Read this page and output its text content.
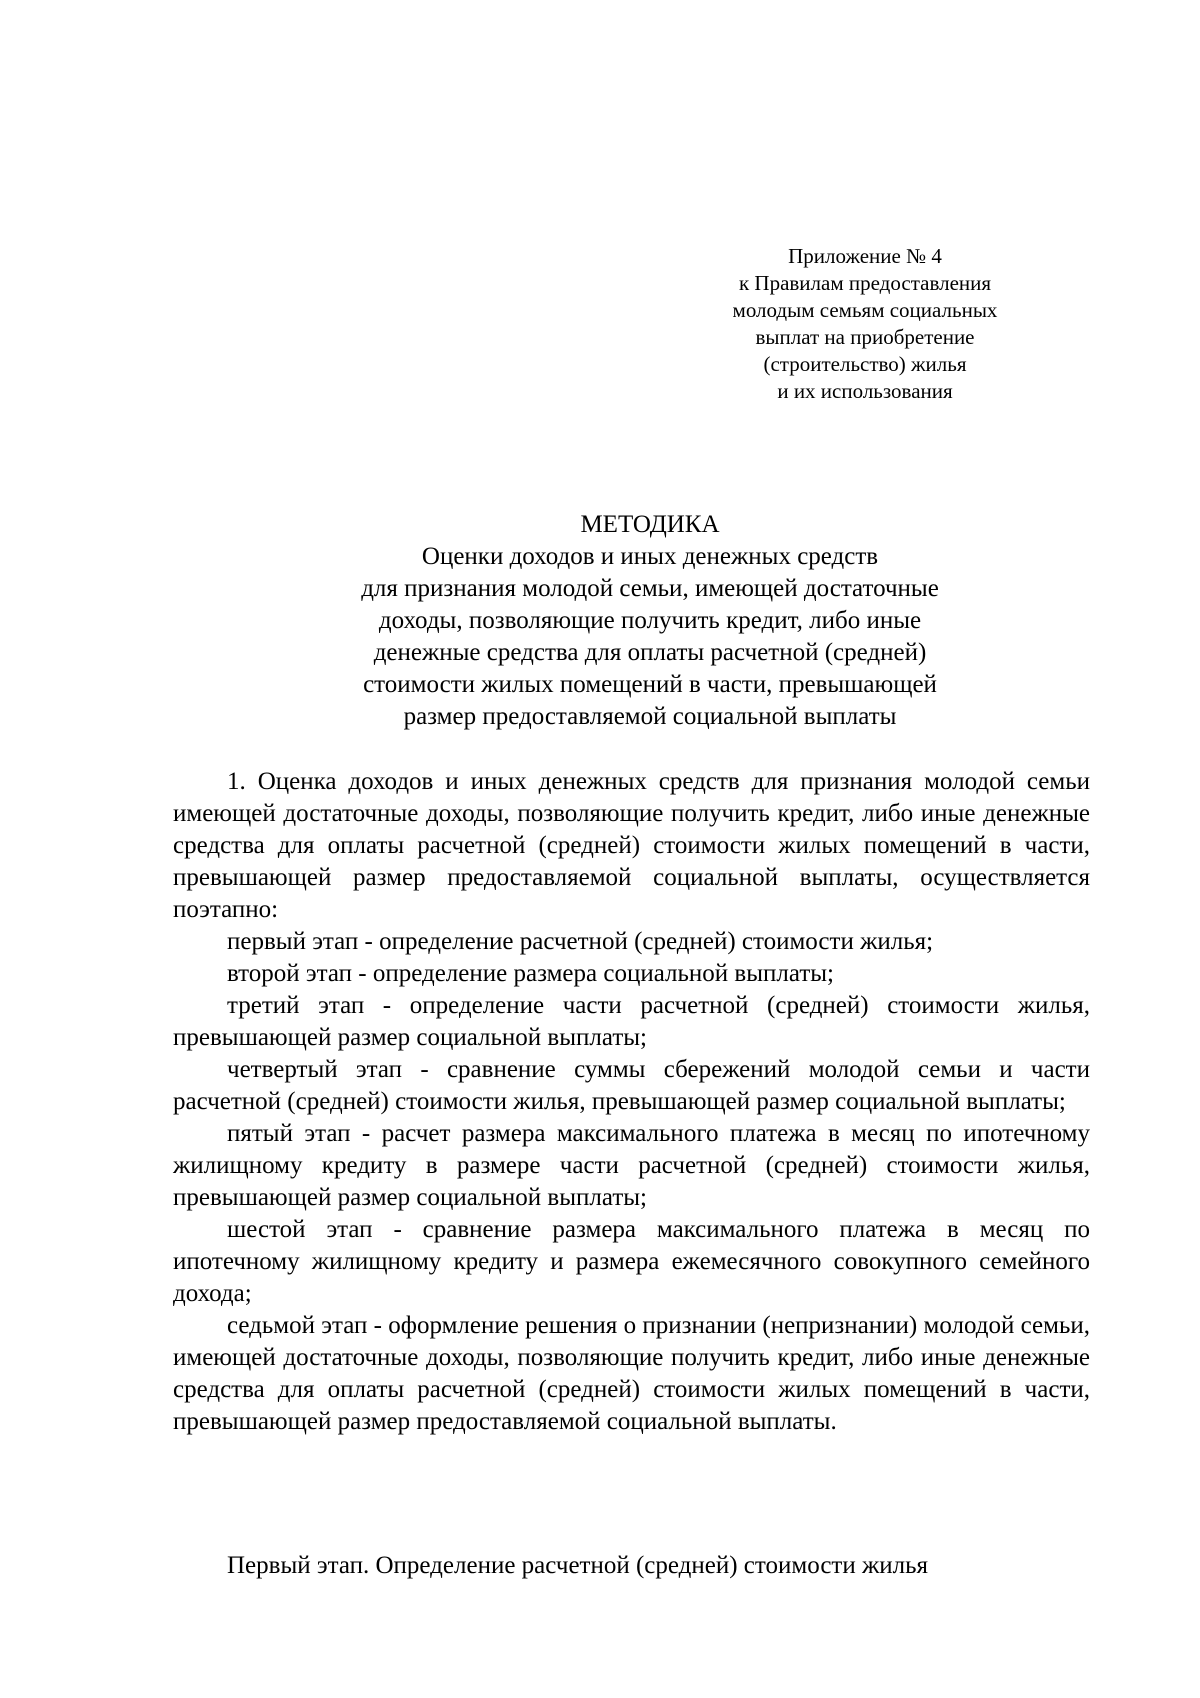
Приложение № 4
к Правилам предоставления
молодым семьям социальных
выплат на приобретение
(строительство) жилья
и их использования
МЕТОДИКА
Оценки доходов и иных денежных средств
для признания молодой семьи, имеющей достаточные
доходы, позволяющие получить кредит, либо иные
денежные средства для оплаты расчетной (средней)
стоимости жилых помещений в части, превышающей
размер предоставляемой социальной выплаты

1. Оценка доходов и иных денежных средств для признания молодой семьи имеющей достаточные доходы, позволяющие получить кредит, либо иные денежные средства для оплаты расчетной (средней) стоимости жилых помещений в части, превышающей размер предоставляемой социальной выплаты, осуществляется поэтапно:

первый этап - определение расчетной (средней) стоимости жилья;

второй этап - определение размера социальной выплаты;

третий этап - определение части расчетной (средней) стоимости жилья, превышающей размер социальной выплаты;

четвертый этап - сравнение суммы сбережений молодой семьи и части расчетной (средней) стоимости жилья, превышающей размер социальной выплаты;

пятый этап - расчет размера максимального платежа в месяц по ипотечному жилищному кредиту в размере части расчетной (средней) стоимости жилья, превышающей размер социальной выплаты;

шестой этап - сравнение размера максимального платежа в месяц по ипотечному жилищному кредиту и размера ежемесячного совокупного семейного дохода;

седьмой этап - оформление решения о признании (непризнании) молодой семьи, имеющей достаточные доходы, позволяющие получить кредит, либо иные денежные средства для оплаты расчетной (средней) стоимости жилых помещений в части, превышающей размер предоставляемой социальной выплаты.

Первый этап. Определение расчетной (средней) стоимости жилья
